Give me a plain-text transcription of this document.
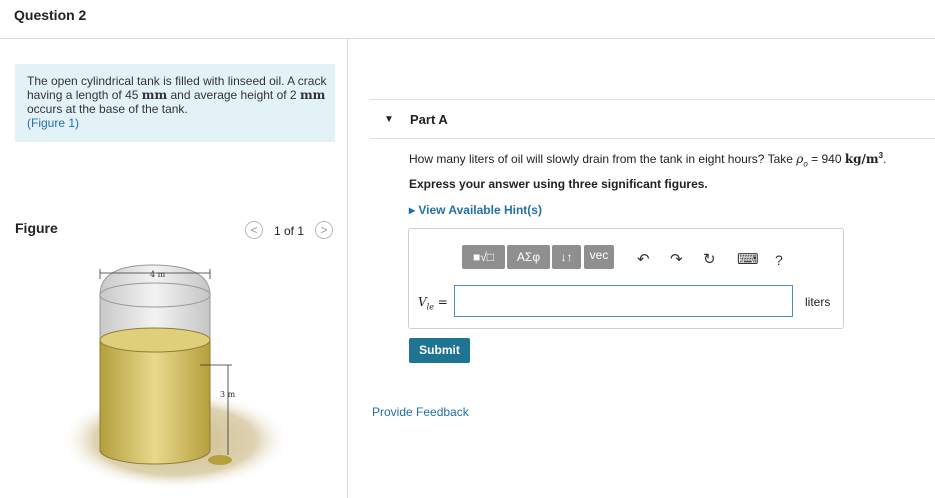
Question 2
The open cylindrical tank is filled with linseed oil. A crack having a length of 45 mm and average height of 2 mm occurs at the base of the tank.
(Figure 1)
Figure	<	1 of 1	>
4 m
3 m
▼ Part A
How many liters of oil will slowly drain from the tank in eight hours? Take $\rho_o = 940$ $kg/m^3$.
Express your answer using three significant figures.
▸ View Available Hint(s)
■√□	ΑΣφ	↓↑	vec	↶ ↷ ↻ ⌨ ?
$V_{le}$ =	liters
Submit
Provide Feedback
